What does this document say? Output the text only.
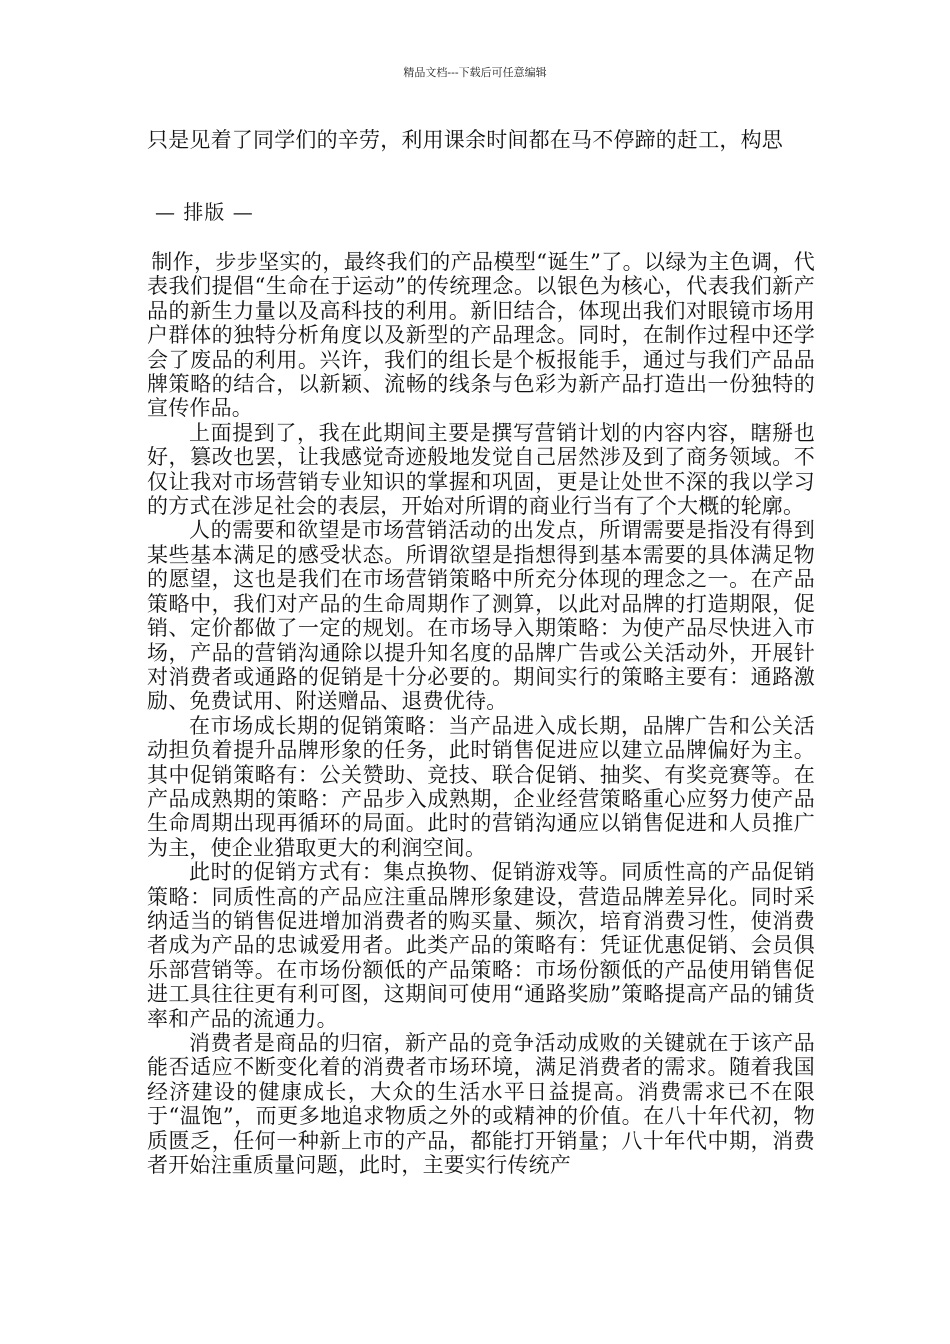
精品文档---下载后可任意编辑
只是见着了同学们的辛劳，利用课余时间都在马不停蹄的赶工，构思
— 排版 —

制作，步步坚实的，最终我们的产品模型“诞生”了。以绿为主色调，代表我们提倡“生命在于运动”的传统理念。以银色为核心，代表我们新产品的新生力量以及高科技的利用。新旧结合，体现出我们对眼镜市场用户群体的独特分析角度以及新型的产品理念。同时，在制作过程中还学会了废品的利用。兴许，我们的组长是个板报能手，通过与我们产品品牌策略的结合，以新颖、流畅的线条与色彩为新产品打造出一份独特的宣传作品。

上面提到了，我在此期间主要是撰写营销计划的内容内容，瞎掰也好，篡改也罢，让我感觉奇迹般地发觉自己居然涉及到了商务领域。不仅让我对市场营销专业知识的掌握和巩固，更是让处世不深的我以学习的方式在涉足社会的表层，开始对所谓的商业行当有了个大概的轮廓。

人的需要和欲望是市场营销活动的出发点，所谓需要是指没有得到某些基本满足的感受状态。所谓欲望是指想得到基本需要的具体满足物的愿望，这也是我们在市场营销策略中所充分体现的理念之一。在产品策略中，我们对产品的生命周期作了测算，以此对品牌的打造期限，促销、定价都做了一定的规划。在市场导入期策略：为使产品尽快进入市场，产品的营销沟通除以提升知名度的品牌广告或公关活动外，开展针对消费者或通路的促销是十分必要的。期间实行的策略主要有：通路激励、免费试用、附送赠品、退费优待。

在市场成长期的促销策略：当产品进入成长期，品牌广告和公关活动担负着提升品牌形象的任务，此时销售促进应以建立品牌偏好为主。其中促销策略有：公关赞助、竞技、联合促销、抽奖、有奖竞赛等。在产品成熟期的策略：产品步入成熟期，企业经营策略重心应努力使产品生命周期出现再循环的局面。此时的营销沟通应以销售促进和人员推广为主，使企业猎取更大的利润空间。

此时的促销方式有：集点换物、促销游戏等。同质性高的产品促销策略：同质性高的产品应注重品牌形象建设，营造品牌差异化。同时采纳适当的销售促进增加消费者的购买量、频次，培育消费习性，使消费者成为产品的忠诚爱用者。此类产品的策略有：凭证优惠促销、会员俱乐部营销等。在市场份额低的产品策略：市场份额低的产品使用销售促进工具往往更有利可图，这期间可使用“通路奖励”策略提高产品的铺货率和产品的流通力。

消费者是商品的归宿，新产品的竞争活动成败的关键就在于该产品能否适应不断变化着的消费者市场环境，满足消费者的需求。随着我国经济建设的健康成长，大众的生活水平日益提高。消费需求已不在限于“温饱”，而更多地追求物质之外的或精神的价值。在八十年代初，物质匮乏，任何一种新上市的产品，都能打开销量；八十年代中期，消费者开始注重质量问题，此时，主要实行传统产
